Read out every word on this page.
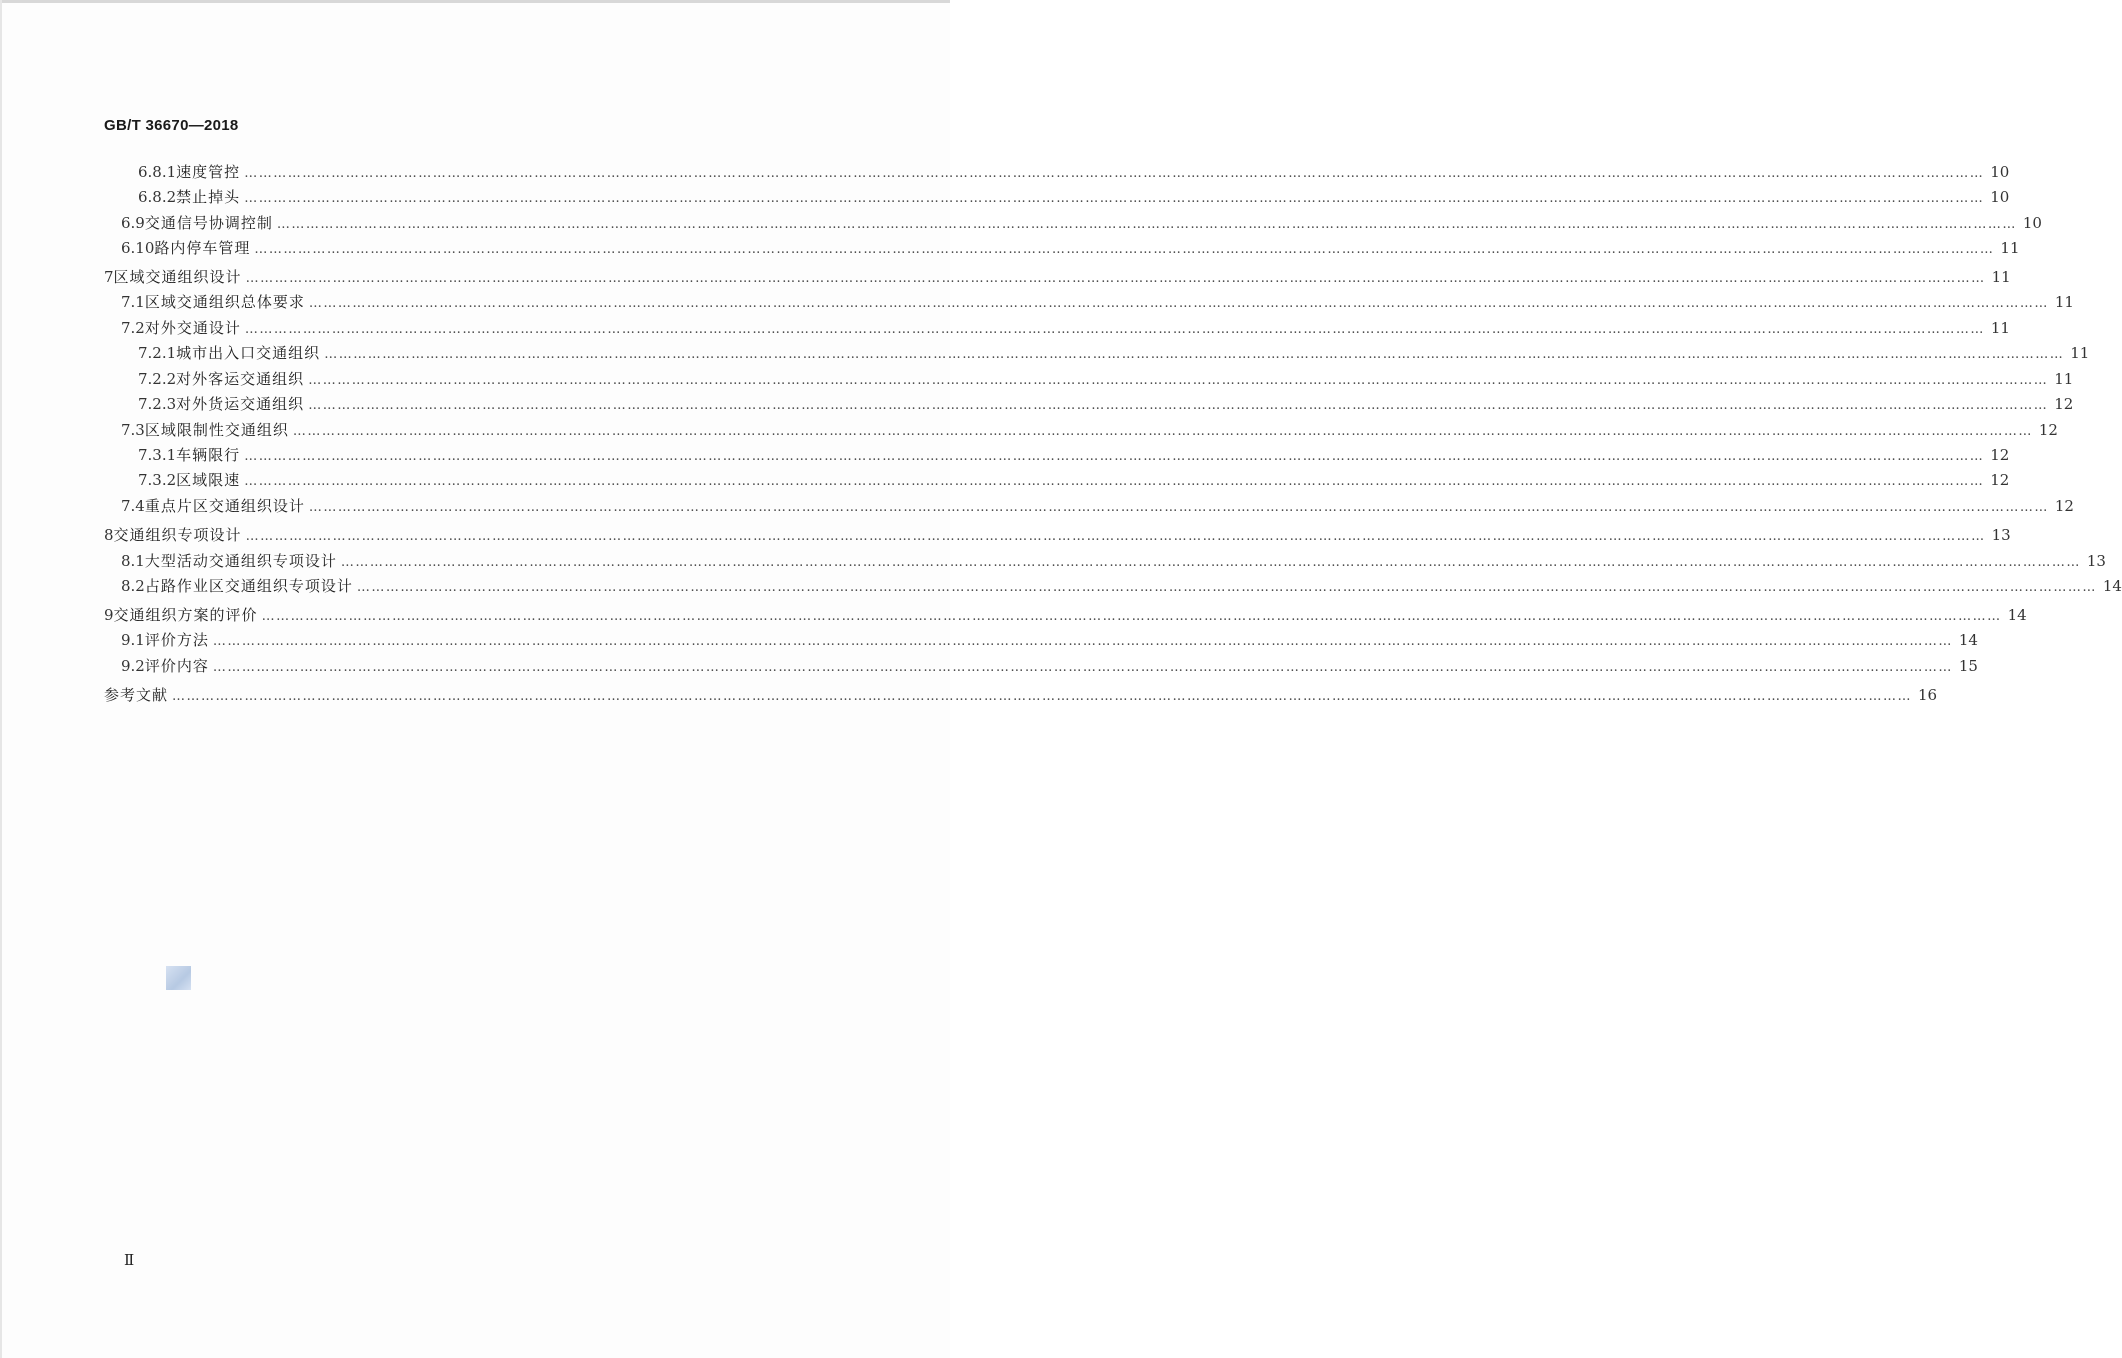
GB/T 36670—2018
6.8.1 速度管控 ……………………………………………………………………………………………………………………………………………………………………………………………………………………………………………………………………………………………………………………………… 10
6.8.2 禁止掉头 ……………………………………………………………………………………………………………………………………………………………………………………………………………………………………………………………………………………………………………………………… 10
6.9 交通信号协调控制 ……………………………………………………………………………………………………………………………………………………………………………………………………………………………………………………………………………………………………………………………… 10
6.10 路内停车管理 ……………………………………………………………………………………………………………………………………………………………………………………………………………………………………………………………………………………………………………………………… 11
7 区域交通组织设计 ……………………………………………………………………………………………………………………………………………………………………………………………………………………………………………………………………………………………………………………………… 11
7.1 区域交通组织总体要求 ……………………………………………………………………………………………………………………………………………………………………………………………………………………………………………………………………………………………………………………………… 11
7.2 对外交通设计 ……………………………………………………………………………………………………………………………………………………………………………………………………………………………………………………………………………………………………………………………… 11
7.2.1 城市出入口交通组织 ……………………………………………………………………………………………………………………………………………………………………………………………………………………………………………………………………………………………………………………………… 11
7.2.2 对外客运交通组织 ……………………………………………………………………………………………………………………………………………………………………………………………………………………………………………………………………………………………………………………………… 11
7.2.3 对外货运交通组织 ……………………………………………………………………………………………………………………………………………………………………………………………………………………………………………………………………………………………………………………………… 12
7.3 区域限制性交通组织 ……………………………………………………………………………………………………………………………………………………………………………………………………………………………………………………………………………………………………………………………… 12
7.3.1 车辆限行 ……………………………………………………………………………………………………………………………………………………………………………………………………………………………………………………………………………………………………………………………… 12
7.3.2 区域限速 ……………………………………………………………………………………………………………………………………………………………………………………………………………………………………………………………………………………………………………………………… 12
7.4 重点片区交通组织设计 ……………………………………………………………………………………………………………………………………………………………………………………………………………………………………………………………………………………………………………………………… 12
8 交通组织专项设计 ……………………………………………………………………………………………………………………………………………………………………………………………………………………………………………………………………………………………………………………………… 13
8.1 大型活动交通组织专项设计 ……………………………………………………………………………………………………………………………………………………………………………………………………………………………………………………………………………………………………………………………… 13
8.2 占路作业区交通组织专项设计 ……………………………………………………………………………………………………………………………………………………………………………………………………………………………………………………………………………………………………………………………… 14
9 交通组织方案的评价 ……………………………………………………………………………………………………………………………………………………………………………………………………………………………………………………………………………………………………………………………… 14
9.1 评价方法 ……………………………………………………………………………………………………………………………………………………………………………………………………………………………………………………………………………………………………………………………… 14
9.2 评价内容 ……………………………………………………………………………………………………………………………………………………………………………………………………………………………………………………………………………………………………………………………… 15
参考文献 ……………………………………………………………………………………………………………………………………………………………………………………………………………………………………………………………………………………………………………………………… 16
Ⅱ
